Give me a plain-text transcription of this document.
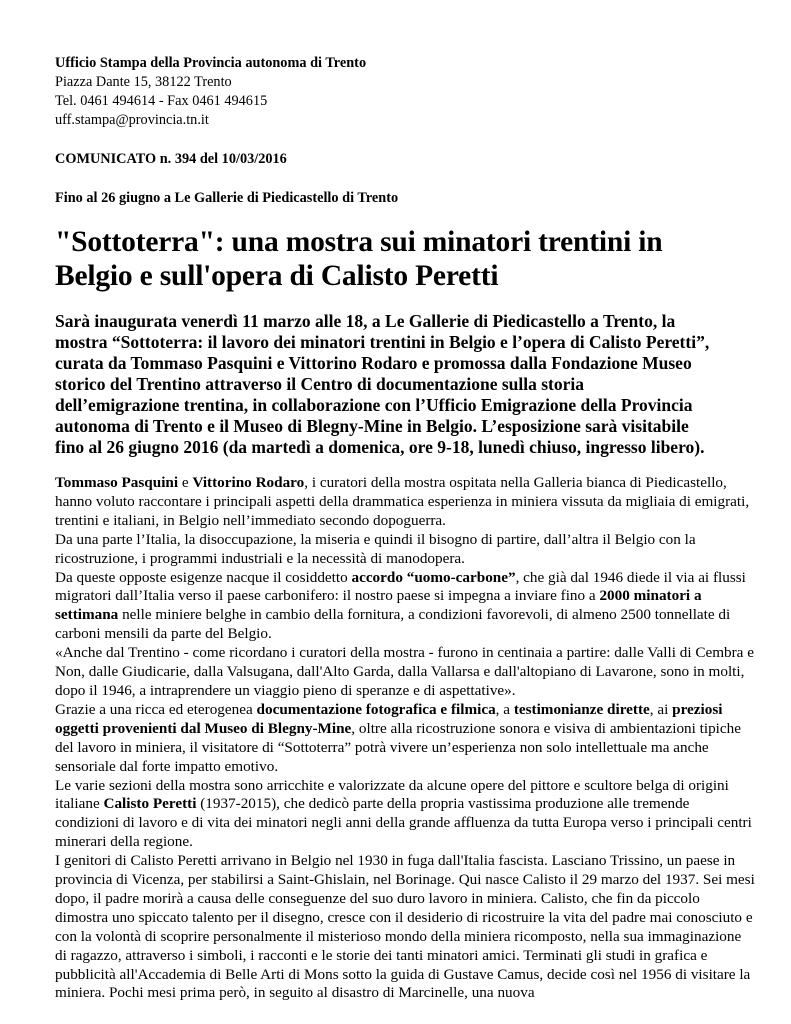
Ufficio Stampa della Provincia autonoma di Trento
Piazza Dante 15, 38122 Trento
Tel. 0461 494614 - Fax 0461 494615
uff.stampa@provincia.tn.it
COMUNICATO n. 394 del 10/03/2016
Fino al 26 giugno a Le Gallerie di Piedicastello di Trento
"Sottoterra": una mostra sui minatori trentini in
Belgio e sull'opera di Calisto Peretti
Sarà inaugurata venerdì 11 marzo alle 18, a Le Gallerie di Piedicastello a Trento, la
mostra “Sottoterra: il lavoro dei minatori trentini in Belgio e l’opera di Calisto Peretti”,
curata da Tommaso Pasquini e Vittorino Rodaro e promossa dalla Fondazione Museo
storico del Trentino attraverso il Centro di documentazione sulla storia
dell’emigrazione trentina, in collaborazione con l’Ufficio Emigrazione della Provincia
autonoma di Trento e il Museo di Blegny-Mine in Belgio. L’esposizione sarà visitabile
fino al 26 giugno 2016 (da martedì a domenica, ore 9-18, lunedì chiuso, ingresso libero).

Tommaso Pasquini e Vittorino Rodaro, i curatori della mostra ospitata nella Galleria bianca di Piedicastello, hanno voluto raccontare i principali aspetti della drammatica esperienza in miniera vissuta da migliaia di emigrati, trentini e italiani, in Belgio nell’immediato secondo dopoguerra.

Da una parte l’Italia, la disoccupazione, la miseria e quindi il bisogno di partire, dall’altra il Belgio con la ricostruzione, i programmi industriali e la necessità di manodopera.

Da queste opposte esigenze nacque il cosiddetto accordo “uomo-carbone”, che già dal 1946 diede il via ai flussi migratori dall’Italia verso il paese carbonifero: il nostro paese si impegna a inviare fino a 2000 minatori a settimana nelle miniere belghe in cambio della fornitura, a condizioni favorevoli, di almeno 2500 tonnellate di carboni mensili da parte del Belgio.

«Anche dal Trentino - come ricordano i curatori della mostra - furono in centinaia a partire: dalle Valli di Cembra e Non, dalle Giudicarie, dalla Valsugana, dall'Alto Garda, dalla Vallarsa e dall'altopiano di Lavarone, sono in molti, dopo il 1946, a intraprendere un viaggio pieno di speranze e di aspettative».

Grazie a una ricca ed eterogenea documentazione fotografica e filmica, a testimonianze dirette, ai preziosi oggetti provenienti dal Museo di Blegny-Mine, oltre alla ricostruzione sonora e visiva di ambientazioni tipiche del lavoro in miniera, il visitatore di “Sottoterra” potrà vivere un’esperienza non solo intellettuale ma anche sensoriale dal forte impatto emotivo.

Le varie sezioni della mostra sono arricchite e valorizzate da alcune opere del pittore e scultore belga di origini italiane Calisto Peretti (1937-2015), che dedicò parte della propria vastissima produzione alle tremende condizioni di lavoro e di vita dei minatori negli anni della grande affluenza da tutta Europa verso i principali centri minerari della regione.

I genitori di Calisto Peretti arrivano in Belgio nel 1930 in fuga dall'Italia fascista. Lasciano Trissino, un paese in provincia di Vicenza, per stabilirsi a Saint-Ghislain, nel Borinage. Qui nasce Calisto il 29 marzo del 1937. Sei mesi dopo, il padre morirà a causa delle conseguenze del suo duro lavoro in miniera. Calisto, che fin da piccolo dimostra uno spiccato talento per il disegno, cresce con il desiderio di ricostruire la vita del padre mai conosciuto e con la volontà di scoprire personalmente il misterioso mondo della miniera ricomposto, nella sua immaginazione di ragazzo, attraverso i simboli, i racconti e le storie dei tanti minatori amici. Terminati gli studi in grafica e pubblicità all'Accademia di Belle Arti di Mons sotto la guida di Gustave Camus, decide così nel 1956 di visitare la miniera. Pochi mesi prima però, in seguito al disastro di Marcinelle, una nuova
